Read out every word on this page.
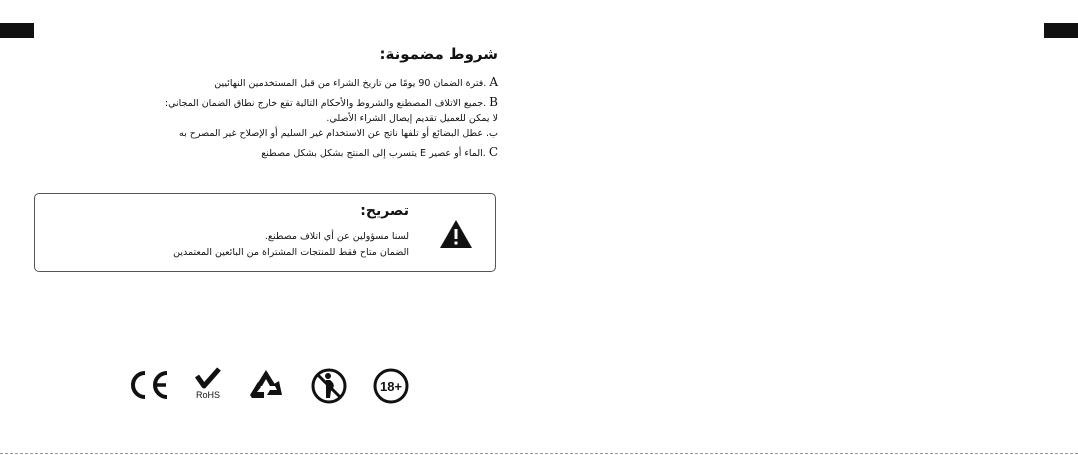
شروط مضمونة:
A .فترة الضمان 90 يومًا من تاريخ الشراء من قبل المستخدمين النهائيين
B .جميع الاتلاف المصطنع والشروط والأحكام التالية تقع خارج نطاق الضمان المجاني:
لا يمكن للعميل تقديم إيصال الشراء الأصلي.
ب. عطل البضائع أو تلفها ناتج عن الاستخدام غير السليم أو الإصلاح غير المصرح به
C .الماء أو عصير E يتسرب إلى المنتج بشكل بشكل مصطنع
تصريح:
لسنا مسؤولين عن أي اتلاف مصطنع.
الضمان متاح فقط للمنتجات المشتراة من البائعين المعتمدين
RoHS
18+
